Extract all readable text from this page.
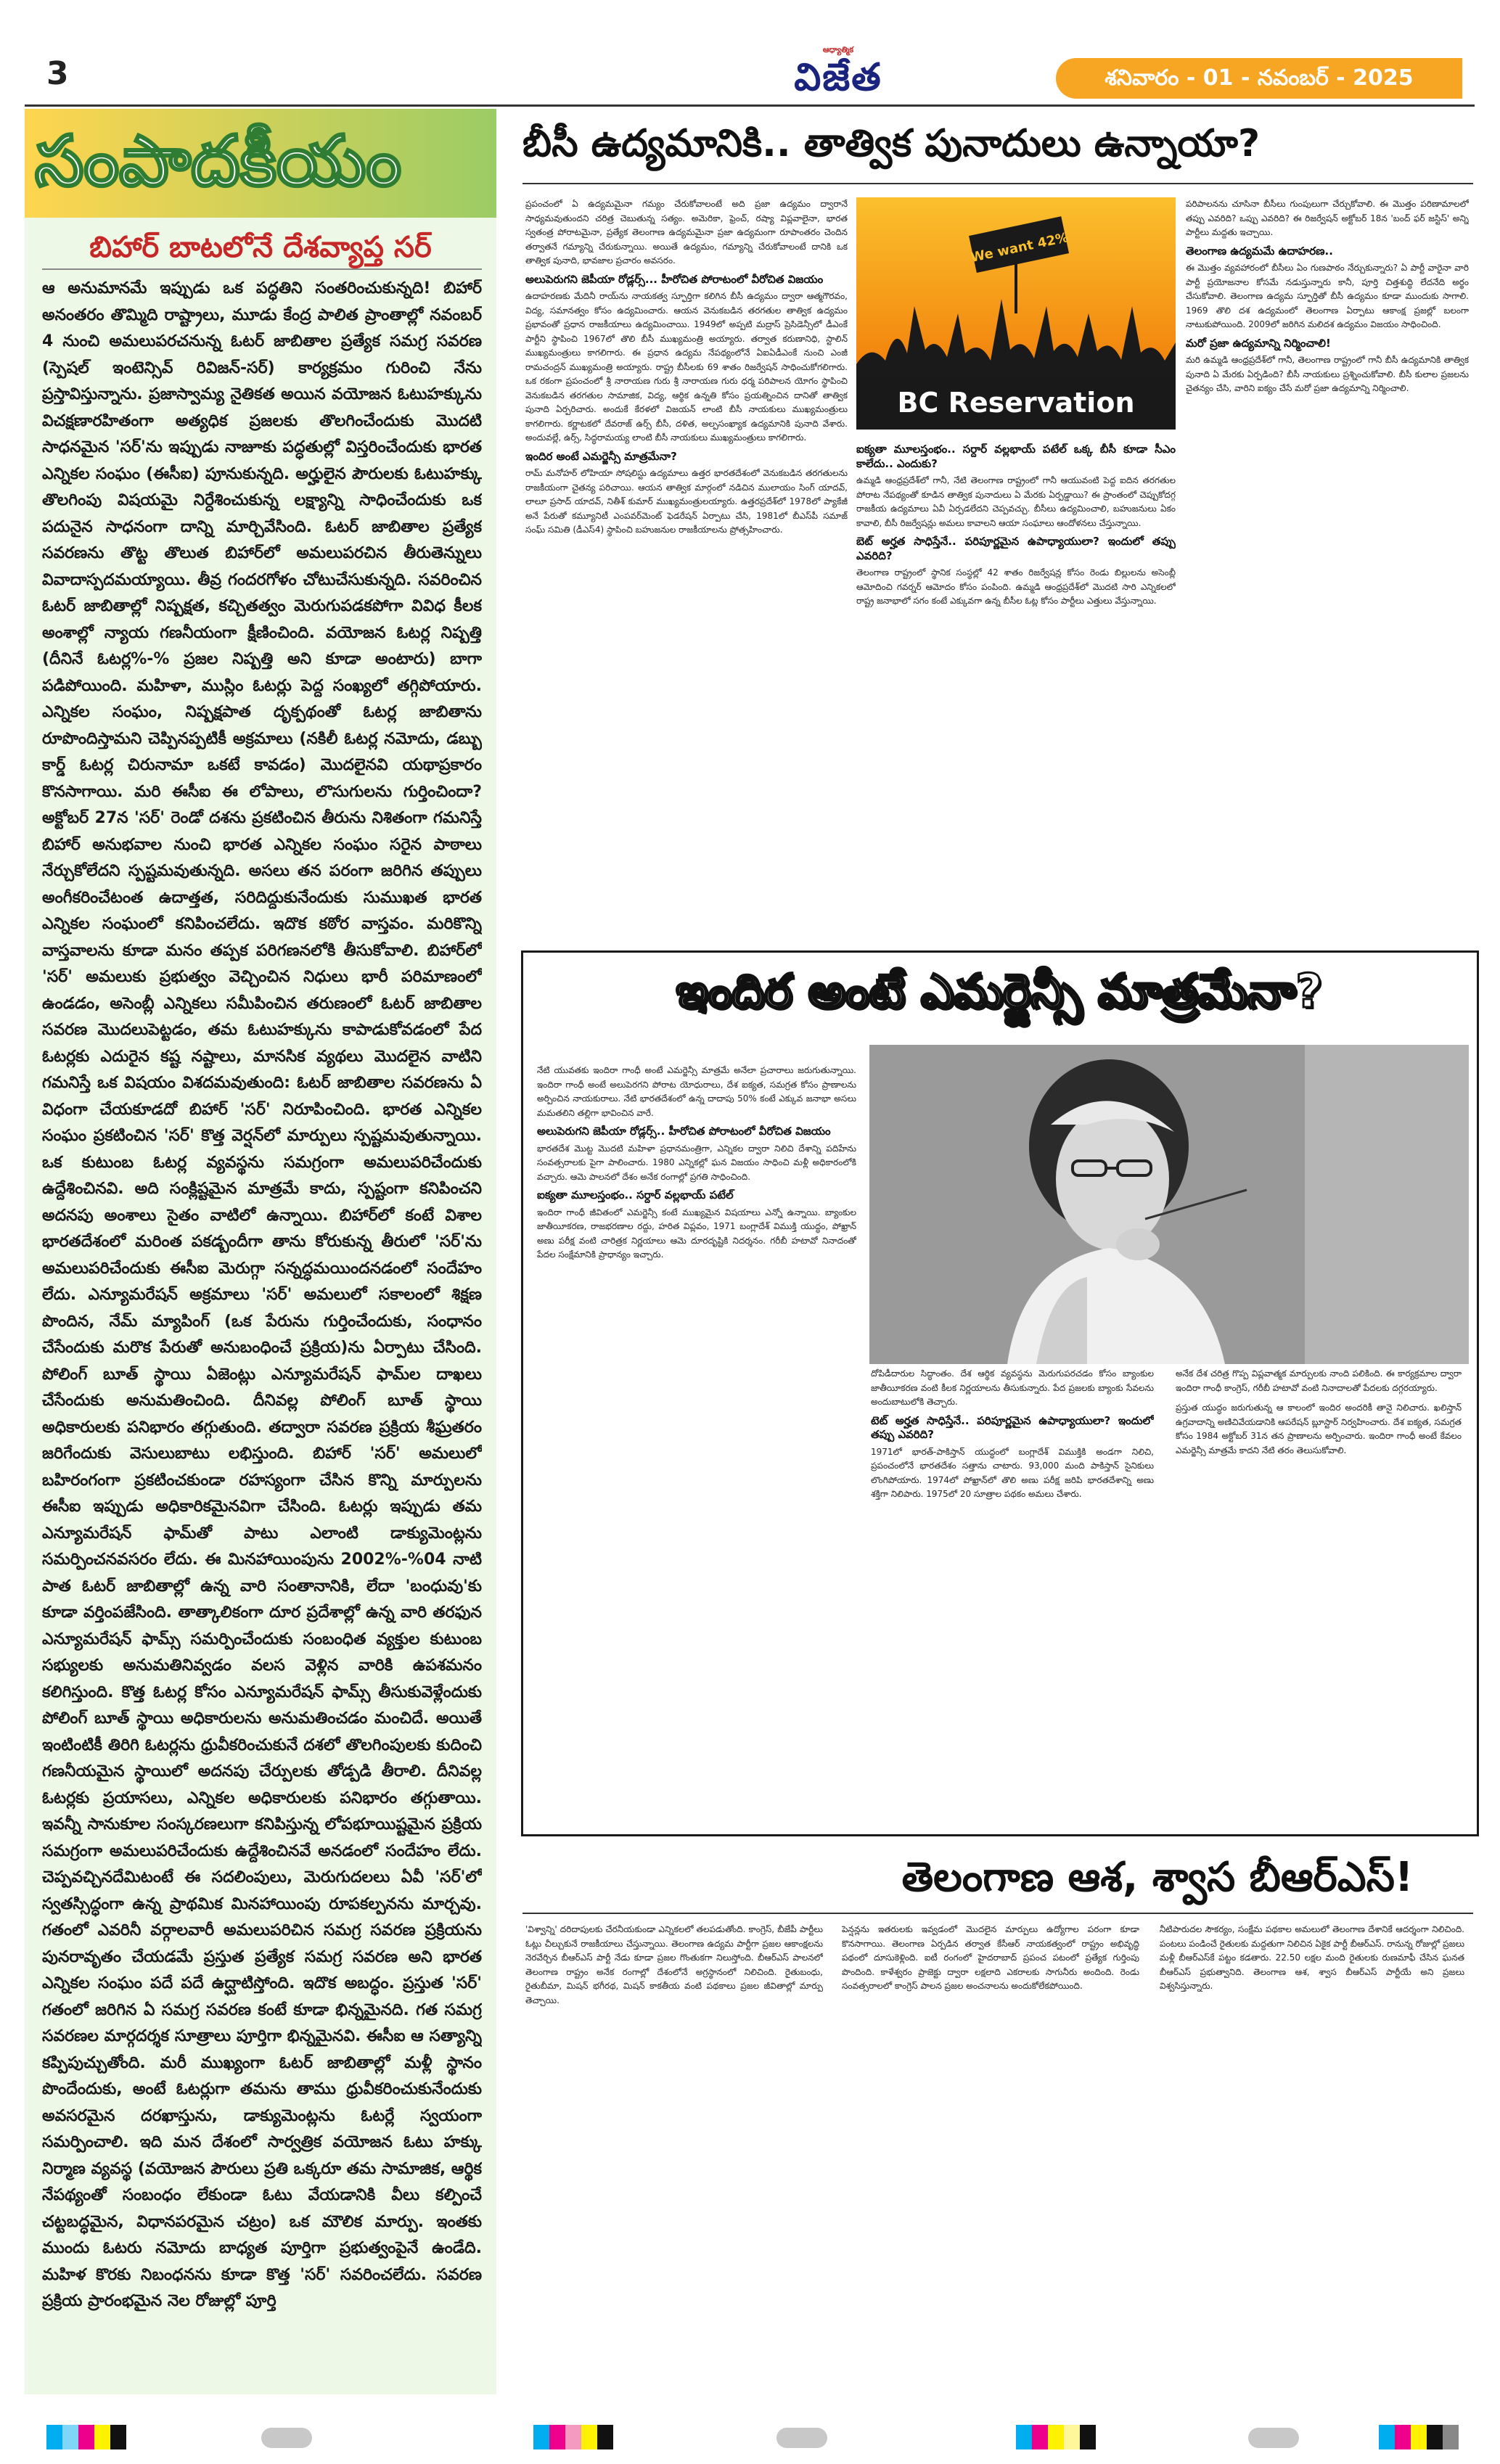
3
ఆధ్యాత్మిక
విజేత	శనివారం - 01 - నవంబర్ - 2025
సంపాదకీయం
బిహార్ బాటలోనే దేశవ్యాప్త సర్
ఆ అనుమానమే ఇప్పుడు ఒక పద్ధతిని సంతరించుకున్నది! బిహార్ అనంతరం తొమ్మిది రాష్ట్రాలు, మూడు కేంద్ర పాలిత ప్రాంతాల్లో నవంబర్ 4 నుంచి అమలుపరచనున్న ఓటర్ జాబితాల ప్రత్యేక సమగ్ర సవరణ (స్పెషల్ ఇంటెన్సివ్ రివిజన్-సర్) కార్యక్రమం గురించి నేను ప్రస్తావిస్తున్నాను. ప్రజాస్వామ్య నైతికత అయిన వయోజన ఓటుహక్కును విచక్షణారహితంగా అత్యధిక ప్రజలకు తొలగించేందుకు మొదటి సాధనమైన 'సర్'ను ఇప్పుడు నాజూకు పద్ధతుల్లో విస్తరించేందుకు భారత ఎన్నికల సంఘం (ఈసీఐ) పూనుకున్నది. అర్హులైన పౌరులకు ఓటుహక్కు తొలగింపు విషయమై నిర్దేశించుకున్న లక్ష్యాన్ని సాధించేందుకు ఒక పదునైన సాధనంగా దాన్ని మార్చివేసింది. ఓటర్ జాబితాల ప్రత్యేక సవరణను తొట్ట తొలుత బిహార్‌లో అమలుపరచిన తీరుతెన్నులు వివాదాస్పదమయ్యాయి. తీవ్ర గందరగోళం చోటుచేసుకున్నది. సవరించిన ఓటర్ జాబితాల్లో నిష్పక్షత, కచ్చితత్వం మెరుగుపడకపోగా వివిధ కీలక అంశాల్లో న్యాయ గణనీయంగా క్షీణించింది. వయోజన ఓటర్ల నిష్పత్తి (దీనినే ఓటర్ల%-% ప్రజల నిష్పత్తి అని కూడా అంటారు) బాగా పడిపోయింది. మహిళా, ముస్లిం ఓటర్లు పెద్ద సంఖ్యలో తగ్గిపోయారు. ఎన్నికల సంఘం, నిష్పక్షపాత దృక్పథంతో ఓటర్ల జాబితాను రూపొందిస్తామని చెప్పినప్పటికీ అక్రమాలు (నకిలీ ఓటర్ల నమోదు, డబ్బు కార్డ్ ఓటర్ల చిరునామా ఒకటే కావడం) మొదలైనవి యథాప్రకారం కొనసాగాయి. మరి ఈసీఐ ఈ లోపాలు, లొసుగులను గుర్తించిందా? అక్టోబర్ 27న 'సర్' రెండో దశను ప్రకటించిన తీరును నిశితంగా గమనిస్తే బిహార్ అనుభవాల నుంచి భారత ఎన్నికల సంఘం సరైన పాఠాలు నేర్చుకోలేదని స్పష్టమవుతున్నది. అసలు తన పరంగా జరిగిన తప్పులు అంగీకరించేటంత ఉదాత్తత, సరిదిద్దుకునేందుకు సుముఖత భారత ఎన్నికల సంఘంలో కనిపించలేదు. ఇదొక కఠోర వాస్తవం. మరికొన్ని వాస్తవాలను కూడా మనం తప్పక పరిగణనలోకి తీసుకోవాలి. బిహార్‌లో 'సర్' అమలుకు ప్రభుత్వం వెచ్చించిన నిధులు భారీ పరిమాణంలో ఉండడం, అసెంబ్లీ ఎన్నికలు సమీపించిన తరుణంలో ఓటర్ జాబితాల సవరణ మొదలుపెట్టడం, తమ ఓటుహక్కును కాపాడుకోవడంలో పేద ఓటర్లకు ఎదురైన కష్ట నష్టాలు, మానసిక వ్యథలు మొదలైన వాటిని గమనిస్తే ఒక విషయం విశదమవుతుంది: ఓటర్ జాబితాల సవరణను ఏ విధంగా చేయకూడదో బిహార్ 'సర్' నిరూపించింది. భారత ఎన్నికల సంఘం ప్రకటించిన 'సర్' కొత్త వెర్షన్‌లో మార్పులు స్పష్టమవుతున్నాయి. ఒక కుటుంబ ఓటర్ల వ్యవస్థను సమగ్రంగా అమలుపరిచేందుకు ఉద్దేశించినవి. అది సంక్లిష్టమైన మాత్రమే కాదు, స్పష్టంగా కనిపించని అదనపు అంశాలు సైతం వాటిలో ఉన్నాయి. బిహార్‌లో కంటే విశాల భారతదేశంలో మరింత పకడ్బందీగా తాను కోరుకున్న తీరులో 'సర్'ను అమలుపరిచేందుకు ఈసీఐ మెరుగ్గా సన్నద్ధమయిందనడంలో సందేహం లేదు. ఎన్యూమరేషన్ అక్రమాలు 'సర్' అమలులో సకాలంలో శిక్షణ పొందిన, నేమ్ మ్యాపింగ్ (ఒక పేరును గుర్తించేందుకు, సంధానం చేసేందుకు మరొక పేరుతో అనుబంధించే ప్రక్రియ)ను ఏర్పాటు చేసింది. పోలింగ్ బూత్ స్థాయి ఏజెంట్లు ఎన్యూమరేషన్ ఫామ్‌ల దాఖలు చేసేందుకు అనుమతించింది. దీనివల్ల పోలింగ్ బూత్ స్థాయి అధికారులకు పనిభారం తగ్గుతుంది. తద్వారా సవరణ ప్రక్రియ శీఘ్రతరం జరిగేందుకు వెసులుబాటు లభిస్తుంది. బిహార్ 'సర్' అమలులో బహిరంగంగా ప్రకటించకుండా రహస్యంగా చేసిన కొన్ని మార్పులను ఈసీఐ ఇప్పుడు అధికారికమైనవిగా చేసింది. ఓటర్లు ఇప్పుడు తమ ఎన్యూమరేషన్ ఫామ్‌తో పాటు ఎలాంటి డాక్యుమెంట్లను సమర్పించనవసరం లేదు. ఈ మినహాయింపును 2002%-%04 నాటి పాత ఓటర్ జాబితాల్లో ఉన్న వారి సంతానానికి, లేదా 'బంధువు'కు కూడా వర్తింపజేసింది. తాత్కాలికంగా దూర ప్రదేశాల్లో ఉన్న వారి తరఫున ఎన్యూమరేషన్ ఫామ్స్ సమర్పించేందుకు సంబంధిత వ్యక్తుల కుటుంబ సభ్యులకు అనుమతినివ్వడం వలస వెళ్లిన వారికి ఉపశమనం కలిగిస్తుంది. కొత్త ఓటర్ల కోసం ఎన్యూమరేషన్ ఫామ్స్ తీసుకువెళ్లేందుకు పోలింగ్ బూత్ స్థాయి అధికారులను అనుమతించడం మంచిదే. అయితే ఇంటింటికీ తిరిగి ఓటర్లను ధ్రువీకరించుకునే దశలో తొలగింపులకు కుదించి గణనీయమైన స్థాయిలో అదనపు చేర్పులకు తోడ్పడి తీరాలి. దీనివల్ల ఓటర్లకు ప్రయాసలు, ఎన్నికల అధికారులకు పనిభారం తగ్గుతాయి. ఇవన్నీ సానుకూల సంస్కరణలుగా కనిపిస్తున్న లోపభూయిష్టమైన ప్రక్రియ సమగ్రంగా అమలుపరిచేందుకు ఉద్దేశించినవే అనడంలో సందేహం లేదు. చెప్పవచ్చినదేమిటంటే ఈ సదలింపులు, మెరుగుదలలు ఏవీ 'సర్'లో స్వతస్సిద్ధంగా ఉన్న ప్రాథమిక మినహాయింపు రూపకల్పనను మార్చవు. గతంలో ఎవరినీ వర్గాలవారీ అమలుపరిచిన సమగ్ర సవరణ ప్రక్రియను పునరావృతం చేయడమే ప్రస్తుత ప్రత్యేక సమగ్ర సవరణ అని భారత ఎన్నికల సంఘం పదే పదే ఉద్ఘాటిస్తోంది. ఇదొక అబద్ధం. ప్రస్తుత 'సర్' గతంలో జరిగిన ఏ సమగ్ర సవరణ కంటే కూడా భిన్నమైనది. గత సమగ్ర సవరణల మార్గదర్శక సూత్రాలు పూర్తిగా భిన్నమైనవి. ఈసీఐ ఆ సత్యాన్ని కప్పిపుచ్చుతోంది. మరీ ముఖ్యంగా ఓటర్ జాబితాల్లో మళ్లీ స్థానం పొందేందుకు, అంటే ఓటర్లుగా తమను తాము ధ్రువీకరించుకునేందుకు అవసరమైన దరఖాస్తును, డాక్యుమెంట్లను ఓటర్లే స్వయంగా సమర్పించాలి. ఇది మన దేశంలో సార్వత్రిక వయోజన ఓటు హక్కు నిర్మాణ వ్యవస్థ (వయోజన పౌరులు ప్రతి ఒక్కరూ తమ సామాజిక, ఆర్థిక నేపథ్యంతో సంబంధం లేకుండా ఓటు వేయడానికి వీలు కల్పించే చట్టబద్ధమైన, విధానపరమైన చట్రం) ఒక మౌలిక మార్పు. ఇంతకు ముందు ఓటరు నమోదు బాధ్యత పూర్తిగా ప్రభుత్వంపైనే ఉండేది. మహిళ కొరకు నిబంధనను కూడా కొత్త 'సర్' సవరించలేదు. సవరణ ప్రక్రియ ప్రారంభమైన నెల రోజుల్లో పూర్తి
బీసీ ఉద్యమానికి.. తాత్విక పునాదులు ఉన్నాయా?
ప్రపంచంలో ఏ ఉద్యమమైనా గమ్యం చేరుకోవాలంటే అది ప్రజా ఉద్యమం ద్వారానే సాధ్యమవుతుందని చరిత్ర చెబుతున్న సత్యం. అమెరికా, ఫ్రెంచ్, రష్యా విప్లవాలైనా, భారత స్వతంత్ర పోరాటమైనా, ప్రత్యేక తెలంగాణ ఉద్యమమైనా ప్రజా ఉద్యమంగా రూపాంతరం చెందిన తర్వాతనే గమ్యాన్ని చేరుకున్నాయి. అయితే ఉద్యమం, గమ్యాన్ని చేరుకోవాలంటే దానికి ఒక తాత్విక పునాది, భావజాల ప్రచారం అవసరం.
అలుపెరుగని జెపీయా రోడ్లర్స్... హీరోచిత పోరాటంలో వీరోచిత విజయం
ఉదాహరణకు మేదినీ రాయ్‌ను నాయకత్వ స్ఫూర్తిగా కలిగిన బీసీ ఉద్యమం ద్వారా ఆత్మగౌరవం, విద్య, సమానత్వం కోసం ఉద్యమించారు. ఆయన వెనుకబడిన తరగతుల తాత్విక ఉద్యమం ప్రభావంతో ప్రధాన రాజకీయాలు ఉద్యమించాయి. 1949లో అప్పటి మద్రాస్ ప్రెసిడెన్సీలో డీఎంకే పార్టీని స్థాపించి 1967లో తొలి బీసీ ముఖ్యమంత్రి అయ్యారు. తర్వాత కరుణానిధి, స్టాలిన్ ముఖ్యమంత్రులు కాగలిగారు. ఈ ప్రధాన ఉద్యమ నేపథ్యంలోనే ఏఐఏడీఎంకే నుంచి ఎంజీ రామచంద్రన్ ముఖ్యమంత్రి అయ్యారు. రాష్ట్ర బీసీలకు 69 శాతం రిజర్వేషన్ సాధించుకోగలిగారు. ఒక రకంగా ప్రపంచంలో శ్రీ నారాయణ గురు శ్రీ నారాయణ గురు ధర్మ పరిపాలన యోగం స్థాపించి వెనుకబడిన తరగతుల సామాజిక, విద్య, ఆర్థిక ఉన్నతి కోసం ప్రయత్నించిన దానితో తాత్విక పునాది ఏర్పరిచారు. అందుకే కేరళలో విజయన్ లాంటి బీసీ నాయకులు ముఖ్యమంత్రులు కాగలిగారు. కర్ణాటకలో దేవరాజ్ ఉర్స్ బీసీ, దళిత, అల్పసంఖ్యాక ఉద్యమానికి పునాది వేశారు. అందువల్లే, ఉర్స్, సిద్ధరామయ్య లాంటి బీసీ నాయకులు ముఖ్యమంత్రులు కాగలిగారు.
ఇందిర అంటే ఎమర్జెన్సీ మాత్రమేనా?
రామ్ మనోహర్ లోహియా సోషలిస్టు ఉద్యమాలు ఉత్తర భారతదేశంలో వెనుకబడిన తరగతులను రాజకీయంగా చైతన్య పరిచాయి. ఆయన తాత్విక మార్గంలో నడిచిన ములాయం సింగ్ యాదవ్, లాలూ ప్రసాద్ యాదవ్, నితీశ్ కుమార్ ముఖ్యమంత్రులయ్యారు. ఉత్తరప్రదేశ్‌లో 1978లో ప్యాకేజీ అనే పేరుతో కమ్యూనిటీ ఎంపవర్‌మెంట్ ఫెడరేషన్ ఏర్పాటు చేసి, 1981లో బీఎస్‌పీ సమాజ్ సంఘ్ సమితి (డీఎస్‌4) స్థాపించి బహుజనుల రాజకీయాలను ప్రోత్సహించారు.
We want 42%
BC Reservation
ఐక్యతా మూలస్తంభం.. సర్దార్ వల్లభాయ్ పటేల్ ఒక్క బీసీ కూడా సీఎం కాలేదు.. ఎందుకు?
ఉమ్మడి ఆంధ్రప్రదేశ్‌లో గానీ, నేటి తెలంగాణ రాష్ట్రంలో గానీ ఆయువంటి పెద్ద ఐదిన తరగతుల పోరాట నేపథ్యంతో కూడిన తాత్విక పునాదులు ఏ మేరకు ఏర్పడ్డాయి? ఈ ప్రాంతంలో చెప్పుకోదగ్గ రాజకీయ ఉద్యమాలు ఏవీ ఏర్పడలేదని చెప్పవచ్చు. బీసీలు ఉద్యమించాలి, బహుజనులు ఏకం కావాలి, బీసీ రిజర్వేషన్లు అమలు కావాలని ఆయా సంఘాలు ఆందోళనలు చేస్తున్నాయి.
బెట్ అర్హత సాధిస్తేనే.. పరిపూర్ణమైన ఉపాధ్యాయులా? ఇందులో తప్పు ఎవరిది?
తెలంగాణ రాష్ట్రంలో స్థానిక సంస్థల్లో 42 శాతం రిజర్వేషన్ల కోసం రెండు బిల్లులను అసెంబ్లీ ఆమోదించి గవర్నర్ ఆమోదం కోసం పంపింది. ఉమ్మడి ఆంధ్రప్రదేశ్‌లో మొదటి సారి ఎన్నికలలో రాష్ట్ర జనాభాలో సగం కంటే ఎక్కువగా ఉన్న బీసీల ఓట్ల కోసం పార్టీలు ఎత్తులు వేస్తున్నాయి.
పరిపాలనను చూసినా బీసీలు గుంపులుగా చేర్చుకోవాలి. ఈ మొత్తం పరిణామాలలో తప్పు ఎవరిది? ఒప్పు ఎవరిది? ఈ రిజర్వేషన్ అక్టోబర్ 18న 'బంద్ ఫర్ జస్టిస్' అన్ని పార్టీలు మద్దతు ఇచ్చాయి.
తెలంగాణ ఉద్యమమే ఉదాహరణ..
ఈ మొత్తం వ్యవహారంలో బీసీలు ఏం గుణపాఠం నేర్చుకున్నారు? ఏ పార్టీ వారైనా వారి పార్టీ ప్రయోజనాల కోసమే నడుస్తున్నారు కానీ, పూర్తి చిత్తశుద్ధి లేదనేది అర్థం చేసుకోవాలి. తెలంగాణ ఉద్యమ స్ఫూర్తితో బీసీ ఉద్యమం కూడా ముందుకు సాగాలి. 1969 తొలి దశ ఉద్యమంలో తెలంగాణ ఏర్పాటు ఆకాంక్ష ప్రజల్లో బలంగా నాటుకుపోయింది. 2009లో జరిగిన మలిదశ ఉద్యమం విజయం సాధించింది.
మరో ప్రజా ఉద్యమాన్ని నిర్మించాలి!
మరి ఉమ్మడి ఆంధ్రప్రదేశ్‌లో గానీ, తెలంగాణ రాష్ట్రంలో గానీ బీసీ ఉద్యమానికి తాత్విక పునాది ఏ మేరకు ఏర్పడింది? బీసీ నాయకులు ప్రశ్నించుకోవాలి. బీసీ కులాల ప్రజలను చైతన్యం చేసి, వారిని ఐక్యం చేసే మరో ప్రజా ఉద్యమాన్ని నిర్మించాలి.
ఇందిర అంటే ఎమర్జెన్సీ మాత్రమేనా?
నేటి యువతకు ఇందిరా గాంధీ అంటే ఎమర్జెన్సీ మాత్రమే అనేలా ప్రచారాలు జరుగుతున్నాయి. ఇందిరా గాంధీ అంటే అలుపెరగని పోరాట యోధురాలు, దేశ ఐక్యత, సమగ్రత కోసం ప్రాణాలను అర్పించిన నాయకురాలు. నేటి భారతదేశంలో ఉన్న దాదాపు 50% కంటే ఎక్కువ జనాభా అసలు మమతలిని తల్లిగా భావించిన వారే.
అలుపెరుగని జెపీయా రోడ్లర్స్.. హీరోచిత పోరాటంలో వీరోచిత విజయం
భారతదేశ మొట్ట మొదటి మహిళా ప్రధానమంత్రిగా, ఎన్నికల ద్వారా నిలిచి దేశాన్ని పదిహేను సంవత్సరాలకు పైగా పాలించారు. 1980 ఎన్నికల్లో ఘన విజయం సాధించి మళ్లీ అధికారంలోకి వచ్చారు. ఆమె పాలనలో దేశం అనేక రంగాల్లో ప్రగతి సాధించింది.
ఐక్యతా మూలస్తంభం.. సర్దార్ వల్లభాయ్ పటేల్
ఇందిరా గాంధీ జీవితంలో ఎమర్జెన్సీ కంటే ముఖ్యమైన విషయాలు ఎన్నో ఉన్నాయి. బ్యాంకుల జాతీయీకరణ, రాజభరణాల రద్దు, హరిత విప్లవం, 1971 బంగ్లాదేశ్ విముక్తి యుద్ధం, పోఖ్రాన్ అణు పరీక్ష వంటి చారిత్రక నిర్ణయాలు ఆమె దూరదృష్టికి నిదర్శనం. గరీబీ హటావో నినాదంతో పేదల సంక్షేమానికి ప్రాధాన్యం ఇచ్చారు.
దోపిడీదారుల సిద్ధాంతం. దేశ ఆర్థిక వ్యవస్థను మెరుగుపరచడం కోసం బ్యాంకుల జాతీయీకరణ వంటి కీలక నిర్ణయాలను తీసుకున్నారు. పేద ప్రజలకు బ్యాంకు సేవలను అందుబాటులోకి తెచ్చారు.
టెట్ అర్హత సాధిస్తేనే.. పరిపూర్ణమైన ఉపాధ్యాయులా? ఇందులో తప్పు ఎవరిది?
1971లో భారత్-పాకిస్తాన్ యుద్ధంలో బంగ్లాదేశ్ విముక్తికి అండగా నిలిచి, ప్రపంచంలోనే భారతదేశం సత్తాను చాటారు. 93,000 మంది పాకిస్తాన్ సైనికులు లొంగిపోయారు. 1974లో పోఖ్రాన్‌లో తొలి అణు పరీక్ష జరిపి భారతదేశాన్ని అణు శక్తిగా నిలిపారు. 1975లో 20 సూత్రాల పథకం అమలు చేశారు.
అనేక దేశ చరిత్ర గొప్ప విప్లవాత్మక మార్పులకు నాంది పలికింది. ఈ కార్యక్రమాల ద్వారా ఇందిరా గాంధీ కాంగ్రెస్, గరీబీ హటావో వంటి నినాదాలతో పేదలకు దగ్గరయ్యారు.
ప్రస్తుత యుద్ధం జరుగుతున్న ఆ కాలంలో ఇందిర అందరికీ తానై నిలిచారు. ఖలిస్తాన్ ఉగ్రవాదాన్ని అణిచివేయడానికి ఆపరేషన్ బ్లూస్టార్ నిర్వహించారు. దేశ ఐక్యత, సమగ్రత కోసం 1984 అక్టోబర్ 31న తన ప్రాణాలను అర్పించారు. ఇందిరా గాంధీ అంటే కేవలం ఎమర్జెన్సీ మాత్రమే కాదని నేటి తరం తెలుసుకోవాలి.
తెలంగాణ ఆశ, శ్వాస బీఆర్ఎస్!
'విశ్వాన్ని' దరిదాపులకు చేరనీయకుండా ఎన్నికలలో తలపడుతోంది. కాంగ్రెస్, బీజేపీ పార్టీలు ఓట్లు చీల్చుకునే రాజకీయాలు చేస్తున్నాయి. తెలంగాణ ఉద్యమ పార్టీగా ప్రజల ఆకాంక్షలను నెరవేర్చిన బీఆర్ఎస్ పార్టీ నేడు కూడా ప్రజల గొంతుకగా నిలుస్తోంది. బీఆర్ఎస్ పాలనలో తెలంగాణ రాష్ట్రం అనేక రంగాల్లో దేశంలోనే అగ్రస్థానంలో నిలిచింది. రైతుబంధు, రైతుబీమా, మిషన్ భగీరథ, మిషన్ కాకతీయ వంటి పథకాలు ప్రజల జీవితాల్లో మార్పు తెచ్చాయి.
పెన్షన్లను ఇతరులకు ఇవ్వడంలో మొదలైన మార్పులు ఉద్యోగాల పరంగా కూడా కొనసాగాయి. తెలంగాణ ఏర్పడిన తర్వాత కేసీఆర్ నాయకత్వంలో రాష్ట్రం అభివృద్ధి పథంలో దూసుకెళ్లింది. ఐటీ రంగంలో హైదరాబాద్ ప్రపంచ పటంలో ప్రత్యేక గుర్తింపు పొందింది. కాళేశ్వరం ప్రాజెక్టు ద్వారా లక్షలాది ఎకరాలకు సాగునీరు అందింది. రెండు సంవత్సరాలలో కాంగ్రెస్ పాలన ప్రజల అంచనాలను అందుకోలేకపోయింది.
నీటిపారుదల సౌకర్యం, సంక్షేమ పథకాల అమలులో తెలంగాణ దేశానికే ఆదర్శంగా నిలిచింది. పంటలు పండించే రైతులకు మద్దతుగా నిలిచిన ఏకైక పార్టీ బీఆర్ఎస్. రానున్న రోజుల్లో ప్రజలు మళ్లీ బీఆర్ఎస్‌కే పట్టం కడతారు. 22.50 లక్షల మంది రైతులకు రుణమాఫీ చేసిన ఘనత బీఆర్ఎస్ ప్రభుత్వానిది. తెలంగాణ ఆశ, శ్వాస బీఆర్ఎస్ పార్టీయే అని ప్రజలు విశ్వసిస్తున్నారు.
